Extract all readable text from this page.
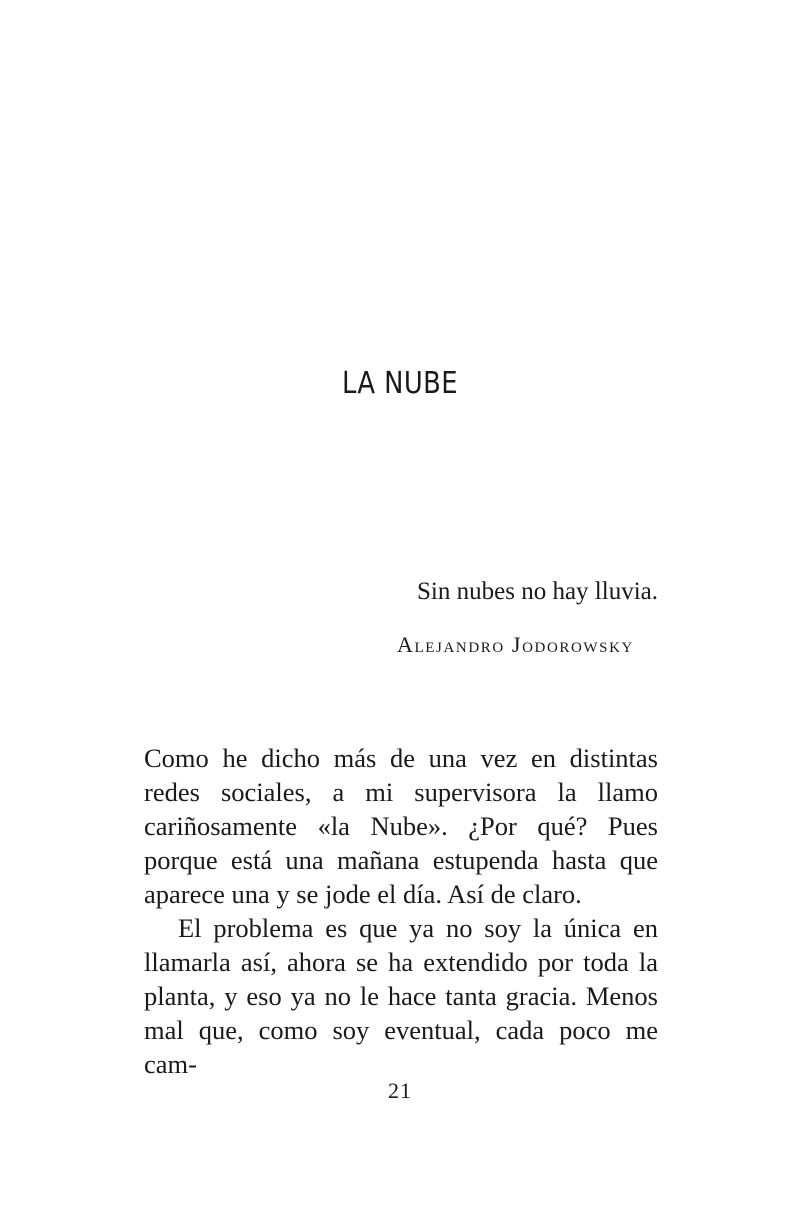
LA NUBE

Sin nubes no hay lluvia.

Alejandro Jodorowsky

Como he dicho más de una vez en distintas redes sociales, a mi supervisora la llamo cariñosamente «la Nube». ¿Por qué? Pues porque está una mañana estupenda hasta que aparece una y se jode el día. Así de claro.

El problema es que ya no soy la única en llamarla así, ahora se ha extendido por toda la planta, y eso ya no le hace tanta gracia. Menos mal que, como soy eventual, cada poco me cam-

21
